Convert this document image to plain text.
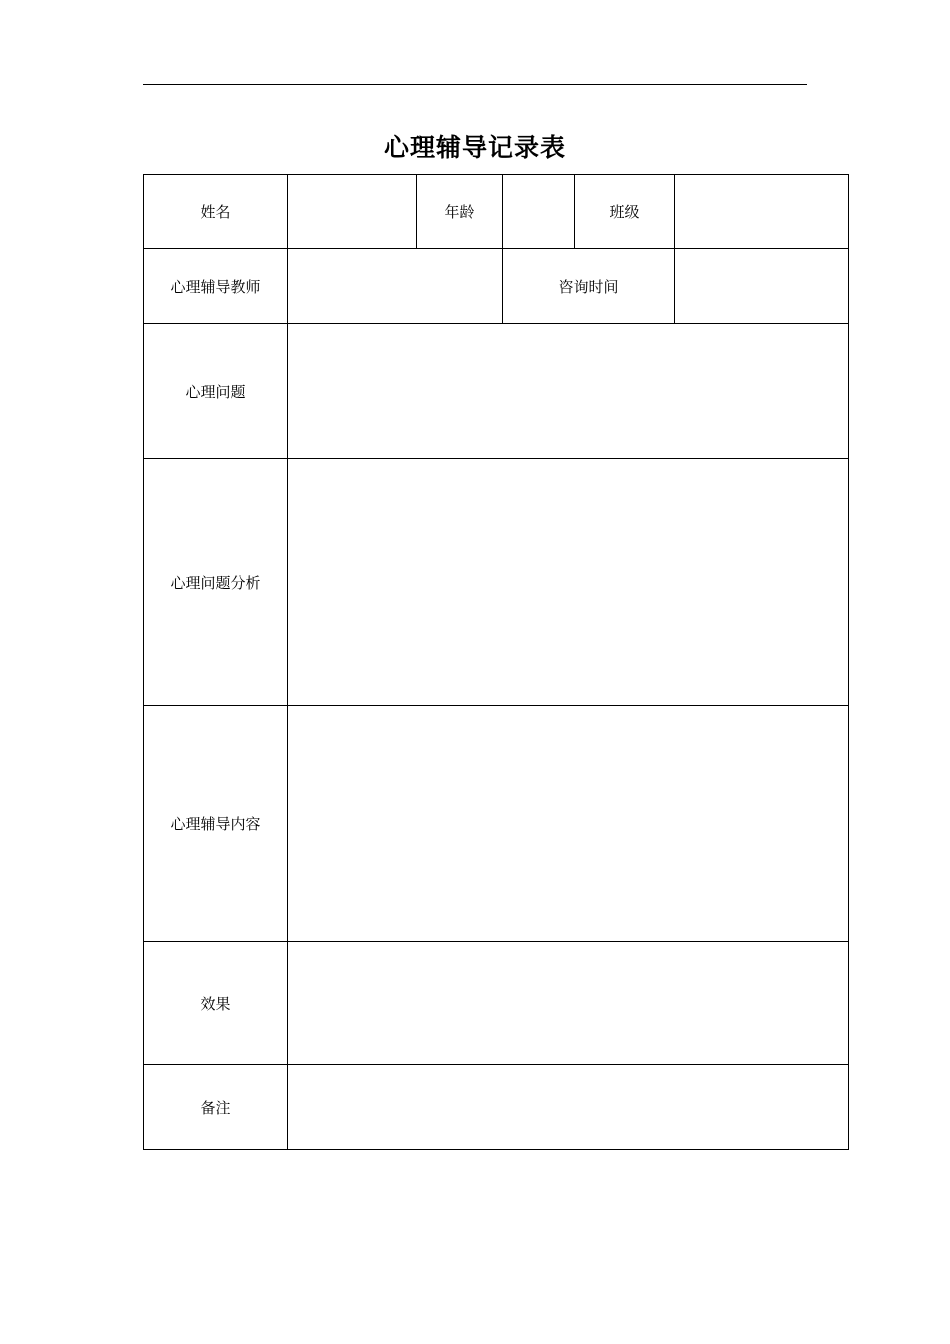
心理辅导记录表
姓名		年龄		班级	
心理辅导教师			咨询时间		
心理问题					
心理问题分析					
心理辅导内容					
效果					
备注					
